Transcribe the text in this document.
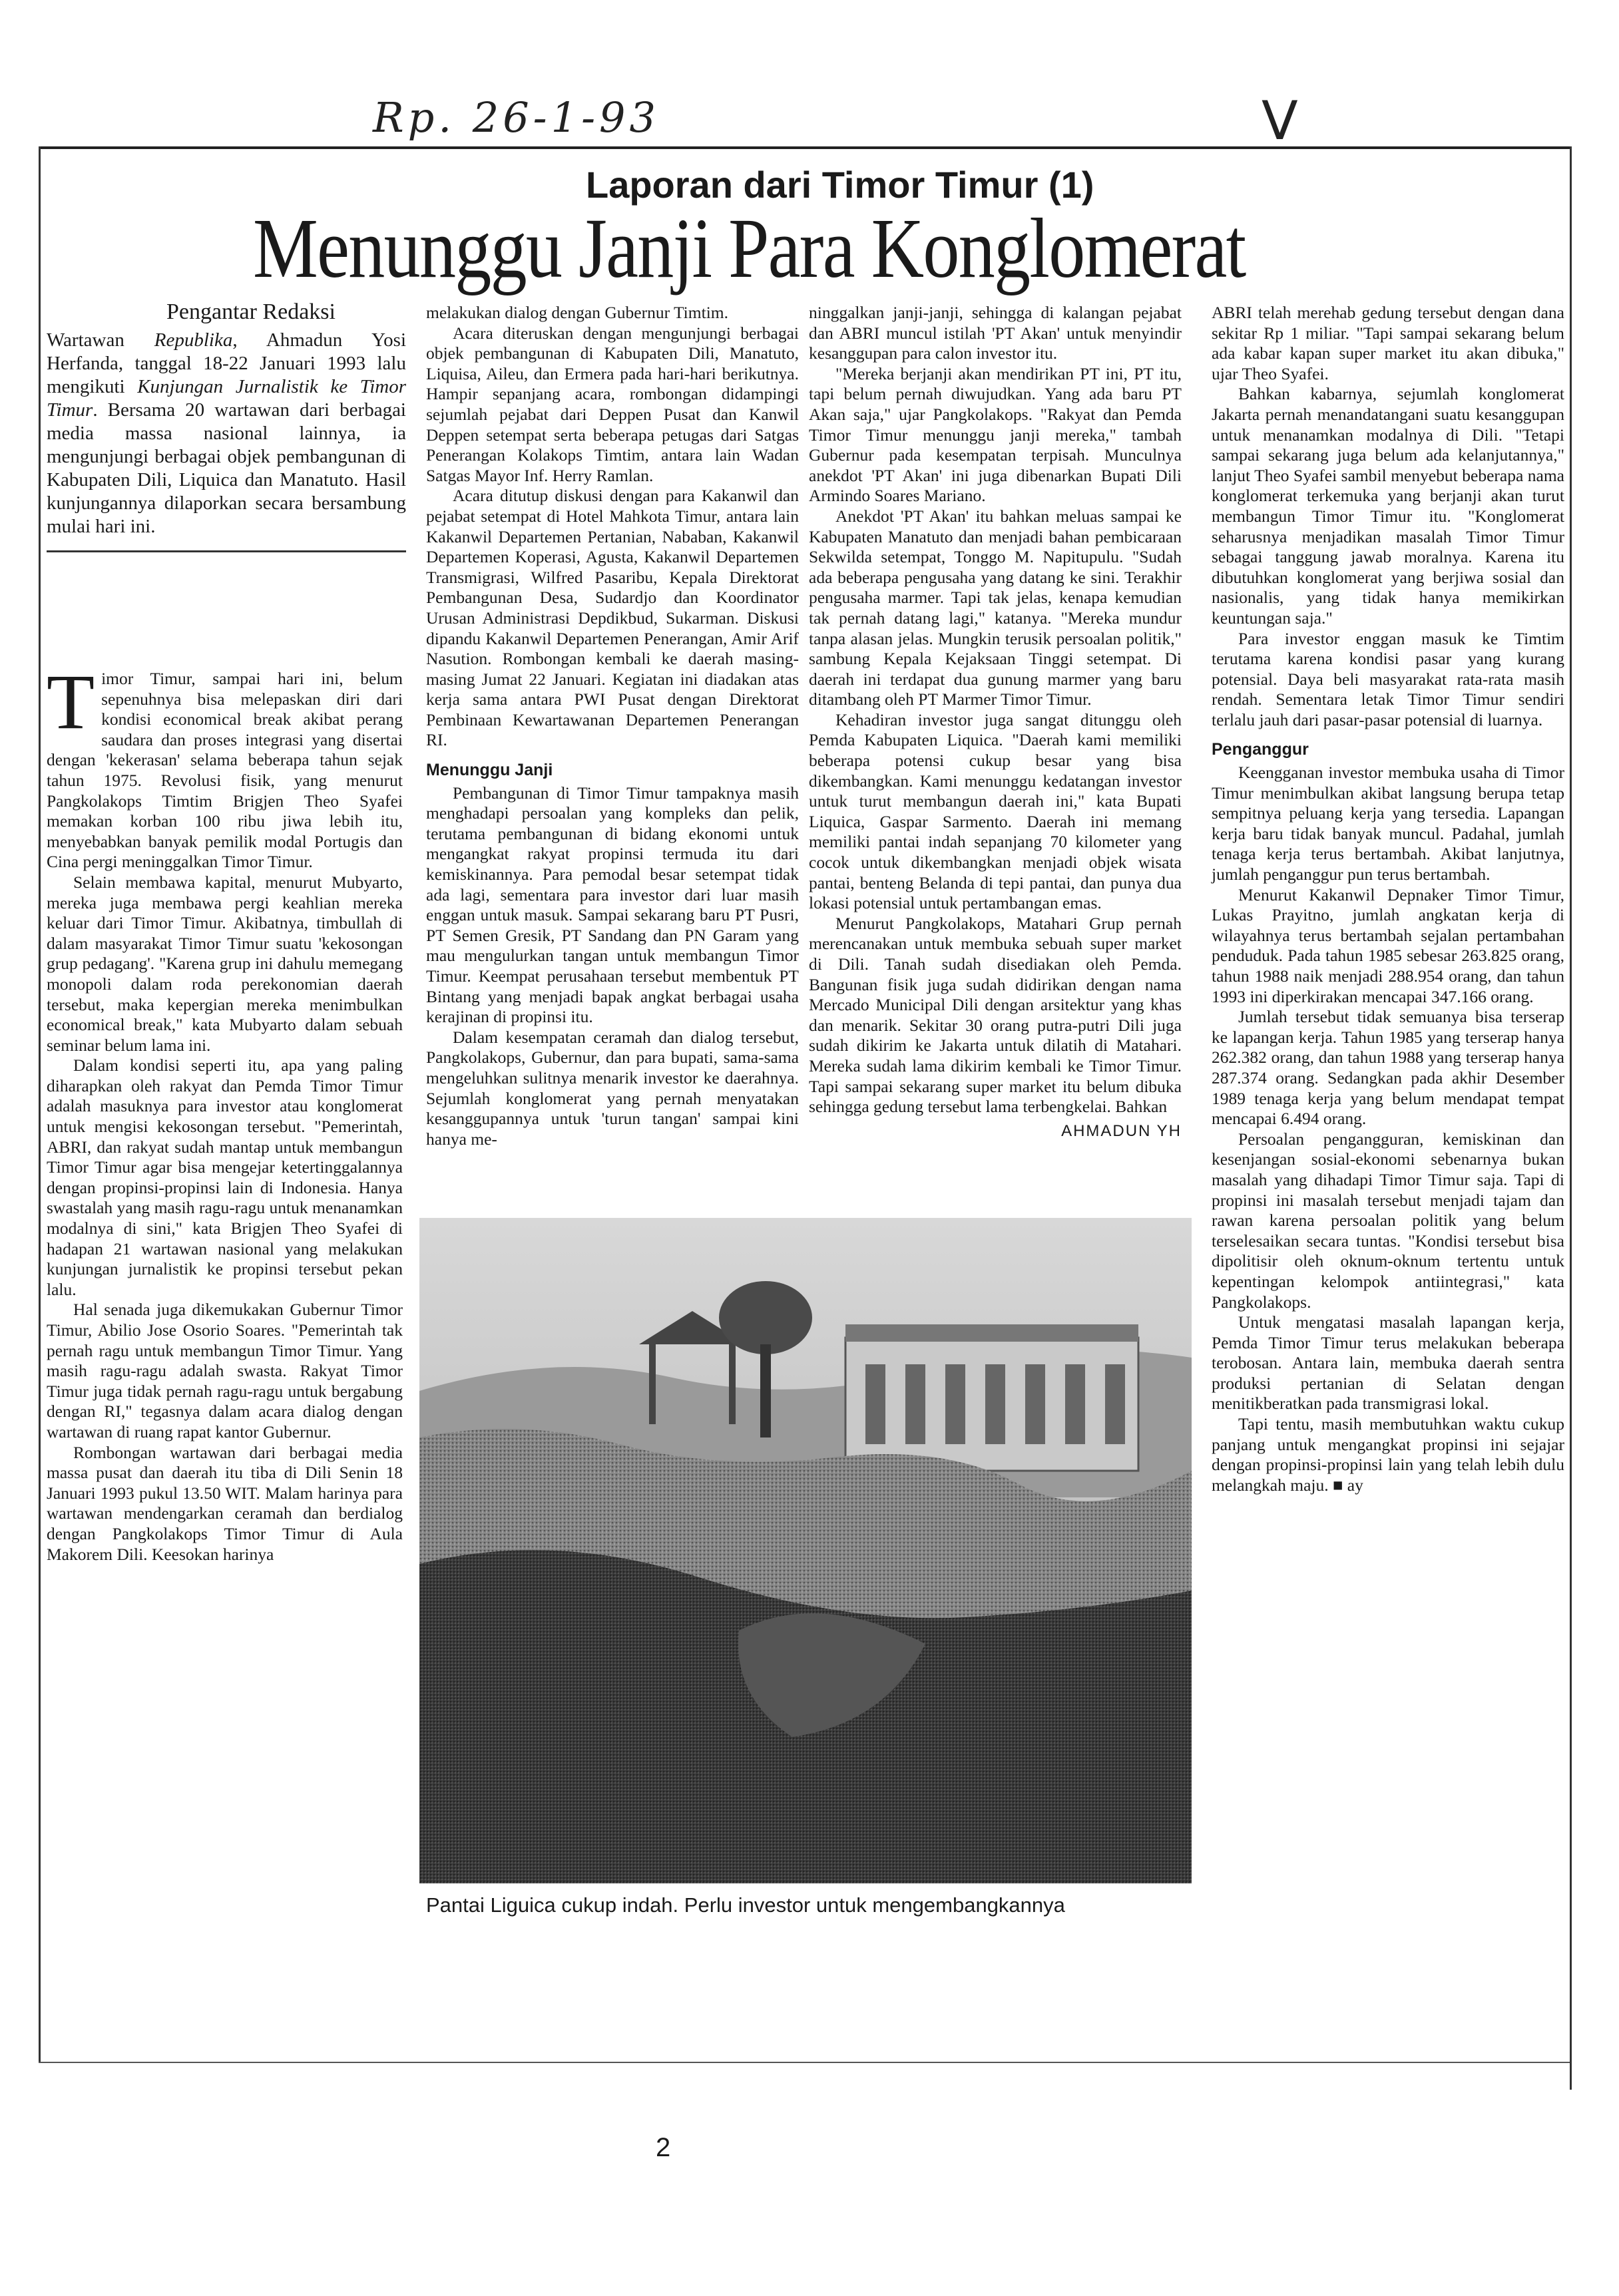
Rp. 26-1-93	V
Laporan dari Timor Timur (1)
Menunggu Janji Para Konglomerat
Pengantar Redaksi
Wartawan Republika, Ahmadun Yosi Herfanda, tanggal 18-22 Januari 1993 lalu mengikuti Kunjungan Jurnalistik ke Timor Timur. Bersama 20 wartawan dari berbagai media massa nasional lainnya, ia mengunjungi berbagai objek pembangunan di Kabupaten Dili, Liquica dan Manatuto. Hasil kunjungannya dilaporkan secara bersambung mulai hari ini.

Timor Timur, sampai hari ini, belum sepenuhnya bisa melepaskan diri dari kondisi economical break akibat perang saudara dan proses integrasi yang disertai dengan 'kekerasan' selama beberapa tahun sejak tahun 1975. Revolusi fisik, yang menurut Pangkolakops Timtim Brigjen Theo Syafei memakan korban 100 ribu jiwa lebih itu, menyebabkan banyak pemilik modal Portugis dan Cina pergi meninggalkan Timor Timur.

Selain membawa kapital, menurut Mubyarto, mereka juga membawa pergi keahlian mereka keluar dari Timor Timur. Akibatnya, timbullah di dalam masyarakat Timor Timur suatu 'kekosongan grup pedagang'. "Karena grup ini dahulu memegang monopoli dalam roda perekonomian daerah tersebut, maka kepergian mereka menimbulkan economical break," kata Mubyarto dalam sebuah seminar belum lama ini.

Dalam kondisi seperti itu, apa yang paling diharapkan oleh rakyat dan Pemda Timor Timur adalah masuknya para investor atau konglomerat untuk mengisi kekosongan tersebut. "Pemerintah, ABRI, dan rakyat sudah mantap untuk membangun Timor Timur agar bisa mengejar ketertinggalannya dengan propinsi-propinsi lain di Indonesia. Hanya swastalah yang masih ragu-ragu untuk menanamkan modalnya di sini," kata Brigjen Theo Syafei di hadapan 21 wartawan nasional yang melakukan kunjungan jurnalistik ke propinsi tersebut pekan lalu.

Hal senada juga dikemukakan Gubernur Timor Timur, Abilio Jose Osorio Soares. "Pemerintah tak pernah ragu untuk membangun Timor Timur. Yang masih ragu-ragu adalah swasta. Rakyat Timor Timur juga tidak pernah ragu-ragu untuk bergabung dengan RI," tegasnya dalam acara dialog dengan wartawan di ruang rapat kantor Gubernur.

Rombongan wartawan dari berbagai media massa pusat dan daerah itu tiba di Dili Senin 18 Januari 1993 pukul 13.50 WIT. Malam harinya para wartawan mendengarkan ceramah dan berdialog dengan Pangkolakops Timor Timur di Aula Makorem Dili. Keesokan harinya

melakukan dialog dengan Gubernur Timtim.

Acara diteruskan dengan mengunjungi berbagai objek pembangunan di Kabupaten Dili, Manatuto, Liquisa, Aileu, dan Ermera pada hari-hari berikutnya. Hampir sepanjang acara, rombongan didampingi sejumlah pejabat dari Deppen Pusat dan Kanwil Deppen setempat serta beberapa petugas dari Satgas Penerangan Kolakops Timtim, antara lain Wadan Satgas Mayor Inf. Herry Ramlan.

Acara ditutup diskusi dengan para Kakanwil dan pejabat setempat di Hotel Mahkota Timur, antara lain Kakanwil Departemen Pertanian, Nababan, Kakanwil Departemen Koperasi, Agusta, Kakanwil Departemen Transmigrasi, Wilfred Pasaribu, Kepala Direktorat Pembangunan Desa, Sudardjo dan Koordinator Urusan Administrasi Depdikbud, Sukarman. Diskusi dipandu Kakanwil Departemen Penerangan, Amir Arif Nasution. Rombongan kembali ke daerah masing-masing Jumat 22 Januari. Kegiatan ini diadakan atas kerja sama antara PWI Pusat dengan Direktorat Pembinaan Kewartawanan Departemen Penerangan RI.

Menunggu Janji

Pembangunan di Timor Timur tampaknya masih menghadapi persoalan yang kompleks dan pelik, terutama pembangunan di bidang ekonomi untuk mengangkat rakyat propinsi termuda itu dari kemiskinannya. Para pemodal besar setempat tidak ada lagi, sementara para investor dari luar masih enggan untuk masuk. Sampai sekarang baru PT Pusri, PT Semen Gresik, PT Sandang dan PN Garam yang mau mengulurkan tangan untuk membangun Timor Timur. Keempat perusahaan tersebut membentuk PT Bintang yang menjadi bapak angkat berbagai usaha kerajinan di propinsi itu.

Dalam kesempatan ceramah dan dialog tersebut, Pangkolakops, Gubernur, dan para bupati, sama-sama mengeluhkan sulitnya menarik investor ke daerahnya. Sejumlah konglomerat yang pernah menyatakan kesanggupannya untuk 'turun tangan' sampai kini hanya me-

ninggalkan janji-janji, sehingga di kalangan pejabat dan ABRI muncul istilah 'PT Akan' untuk menyindir kesanggupan para calon investor itu.

"Mereka berjanji akan mendirikan PT ini, PT itu, tapi belum pernah diwujudkan. Yang ada baru PT Akan saja," ujar Pangkolakops. "Rakyat dan Pemda Timor Timur menunggu janji mereka," tambah Gubernur pada kesempatan terpisah. Munculnya anekdot 'PT Akan' ini juga dibenarkan Bupati Dili Armindo Soares Mariano.

Anekdot 'PT Akan' itu bahkan meluas sampai ke Kabupaten Manatuto dan menjadi bahan pembicaraan Sekwilda setempat, Tonggo M. Napitupulu. "Sudah ada beberapa pengusaha yang datang ke sini. Terakhir pengusaha marmer. Tapi tak jelas, kenapa kemudian tak pernah datang lagi," katanya. "Mereka mundur tanpa alasan jelas. Mungkin terusik persoalan politik," sambung Kepala Kejaksaan Tinggi setempat. Di daerah ini terdapat dua gunung marmer yang baru ditambang oleh PT Marmer Timor Timur.

Kehadiran investor juga sangat ditunggu oleh Pemda Kabupaten Liquica. "Daerah kami memiliki beberapa potensi cukup besar yang bisa dikembangkan. Kami menunggu kedatangan investor untuk turut membangun daerah ini," kata Bupati Liquica, Gaspar Sarmento. Daerah ini memang memiliki pantai indah sepanjang 70 kilometer yang cocok untuk dikembangkan menjadi objek wisata pantai, benteng Belanda di tepi pantai, dan punya dua lokasi potensial untuk pertambangan emas.

Menurut Pangkolakops, Matahari Grup pernah merencanakan untuk membuka sebuah super market di Dili. Tanah sudah disediakan oleh Pemda. Bangunan fisik juga sudah didirikan dengan nama Mercado Municipal Dili dengan arsitektur yang khas dan menarik. Sekitar 30 orang putra-putri Dili juga sudah dikirim ke Jakarta untuk dilatih di Matahari. Mereka sudah lama dikirim kembali ke Timor Timur. Tapi sampai sekarang super market itu belum dibuka sehingga gedung tersebut lama terbengkelai. Bahkan

AHMADUN YH

ABRI telah merehab gedung tersebut dengan dana sekitar Rp 1 miliar. "Tapi sampai sekarang belum ada kabar kapan super market itu akan dibuka," ujar Theo Syafei.

Bahkan kabarnya, sejumlah konglomerat Jakarta pernah menandatangani suatu kesanggupan untuk menanamkan modalnya di Dili. "Tetapi sampai sekarang juga belum ada kelanjutannya," lanjut Theo Syafei sambil menyebut beberapa nama konglomerat terkemuka yang berjanji akan turut membangun Timor Timur itu. "Konglomerat seharusnya menjadikan masalah Timor Timur sebagai tanggung jawab moralnya. Karena itu dibutuhkan konglomerat yang berjiwa sosial dan nasionalis, yang tidak hanya memikirkan keuntungan saja."

Para investor enggan masuk ke Timtim terutama karena kondisi pasar yang kurang potensial. Daya beli masyarakat rata-rata masih rendah. Sementara letak Timor Timur sendiri terlalu jauh dari pasar-pasar potensial di luarnya.

Penganggur

Keengganan investor membuka usaha di Timor Timur menimbulkan akibat langsung berupa tetap sempitnya peluang kerja yang tersedia. Lapangan kerja baru tidak banyak muncul. Padahal, jumlah tenaga kerja terus bertambah. Akibat lanjutnya, jumlah penganggur pun terus bertambah.

Menurut Kakanwil Depnaker Timor Timur, Lukas Prayitno, jumlah angkatan kerja di wilayahnya terus bertambah sejalan pertambahan penduduk. Pada tahun 1985 sebesar 263.825 orang, tahun 1988 naik menjadi 288.954 orang, dan tahun 1993 ini diperkirakan mencapai 347.166 orang.

Jumlah tersebut tidak semuanya bisa terserap ke lapangan kerja. Tahun 1985 yang terserap hanya 262.382 orang, dan tahun 1988 yang terserap hanya 287.374 orang. Sedangkan pada akhir Desember 1989 tenaga kerja yang belum mendapat tempat mencapai 6.494 orang.

Persoalan pengangguran, kemiskinan dan kesenjangan sosial-ekonomi sebenarnya bukan masalah yang dihadapi Timor Timur saja. Tapi di propinsi ini masalah tersebut menjadi tajam dan rawan karena persoalan politik yang belum terselesaikan secara tuntas. "Kondisi tersebut bisa dipolitisir oleh oknum-oknum tertentu untuk kepentingan kelompok antiintegrasi," kata Pangkolakops.

Untuk mengatasi masalah lapangan kerja, Pemda Timor Timur terus melakukan beberapa terobosan. Antara lain, membuka daerah sentra produksi pertanian di Selatan dengan menitikberatkan pada transmigrasi lokal.

Tapi tentu, masih membutuhkan waktu cukup panjang untuk mengangkat propinsi ini sejajar dengan propinsi-propinsi lain yang telah lebih dulu melangkah maju. ■ ay

Pantai Liguica cukup indah. Perlu investor untuk mengembangkannya
2
